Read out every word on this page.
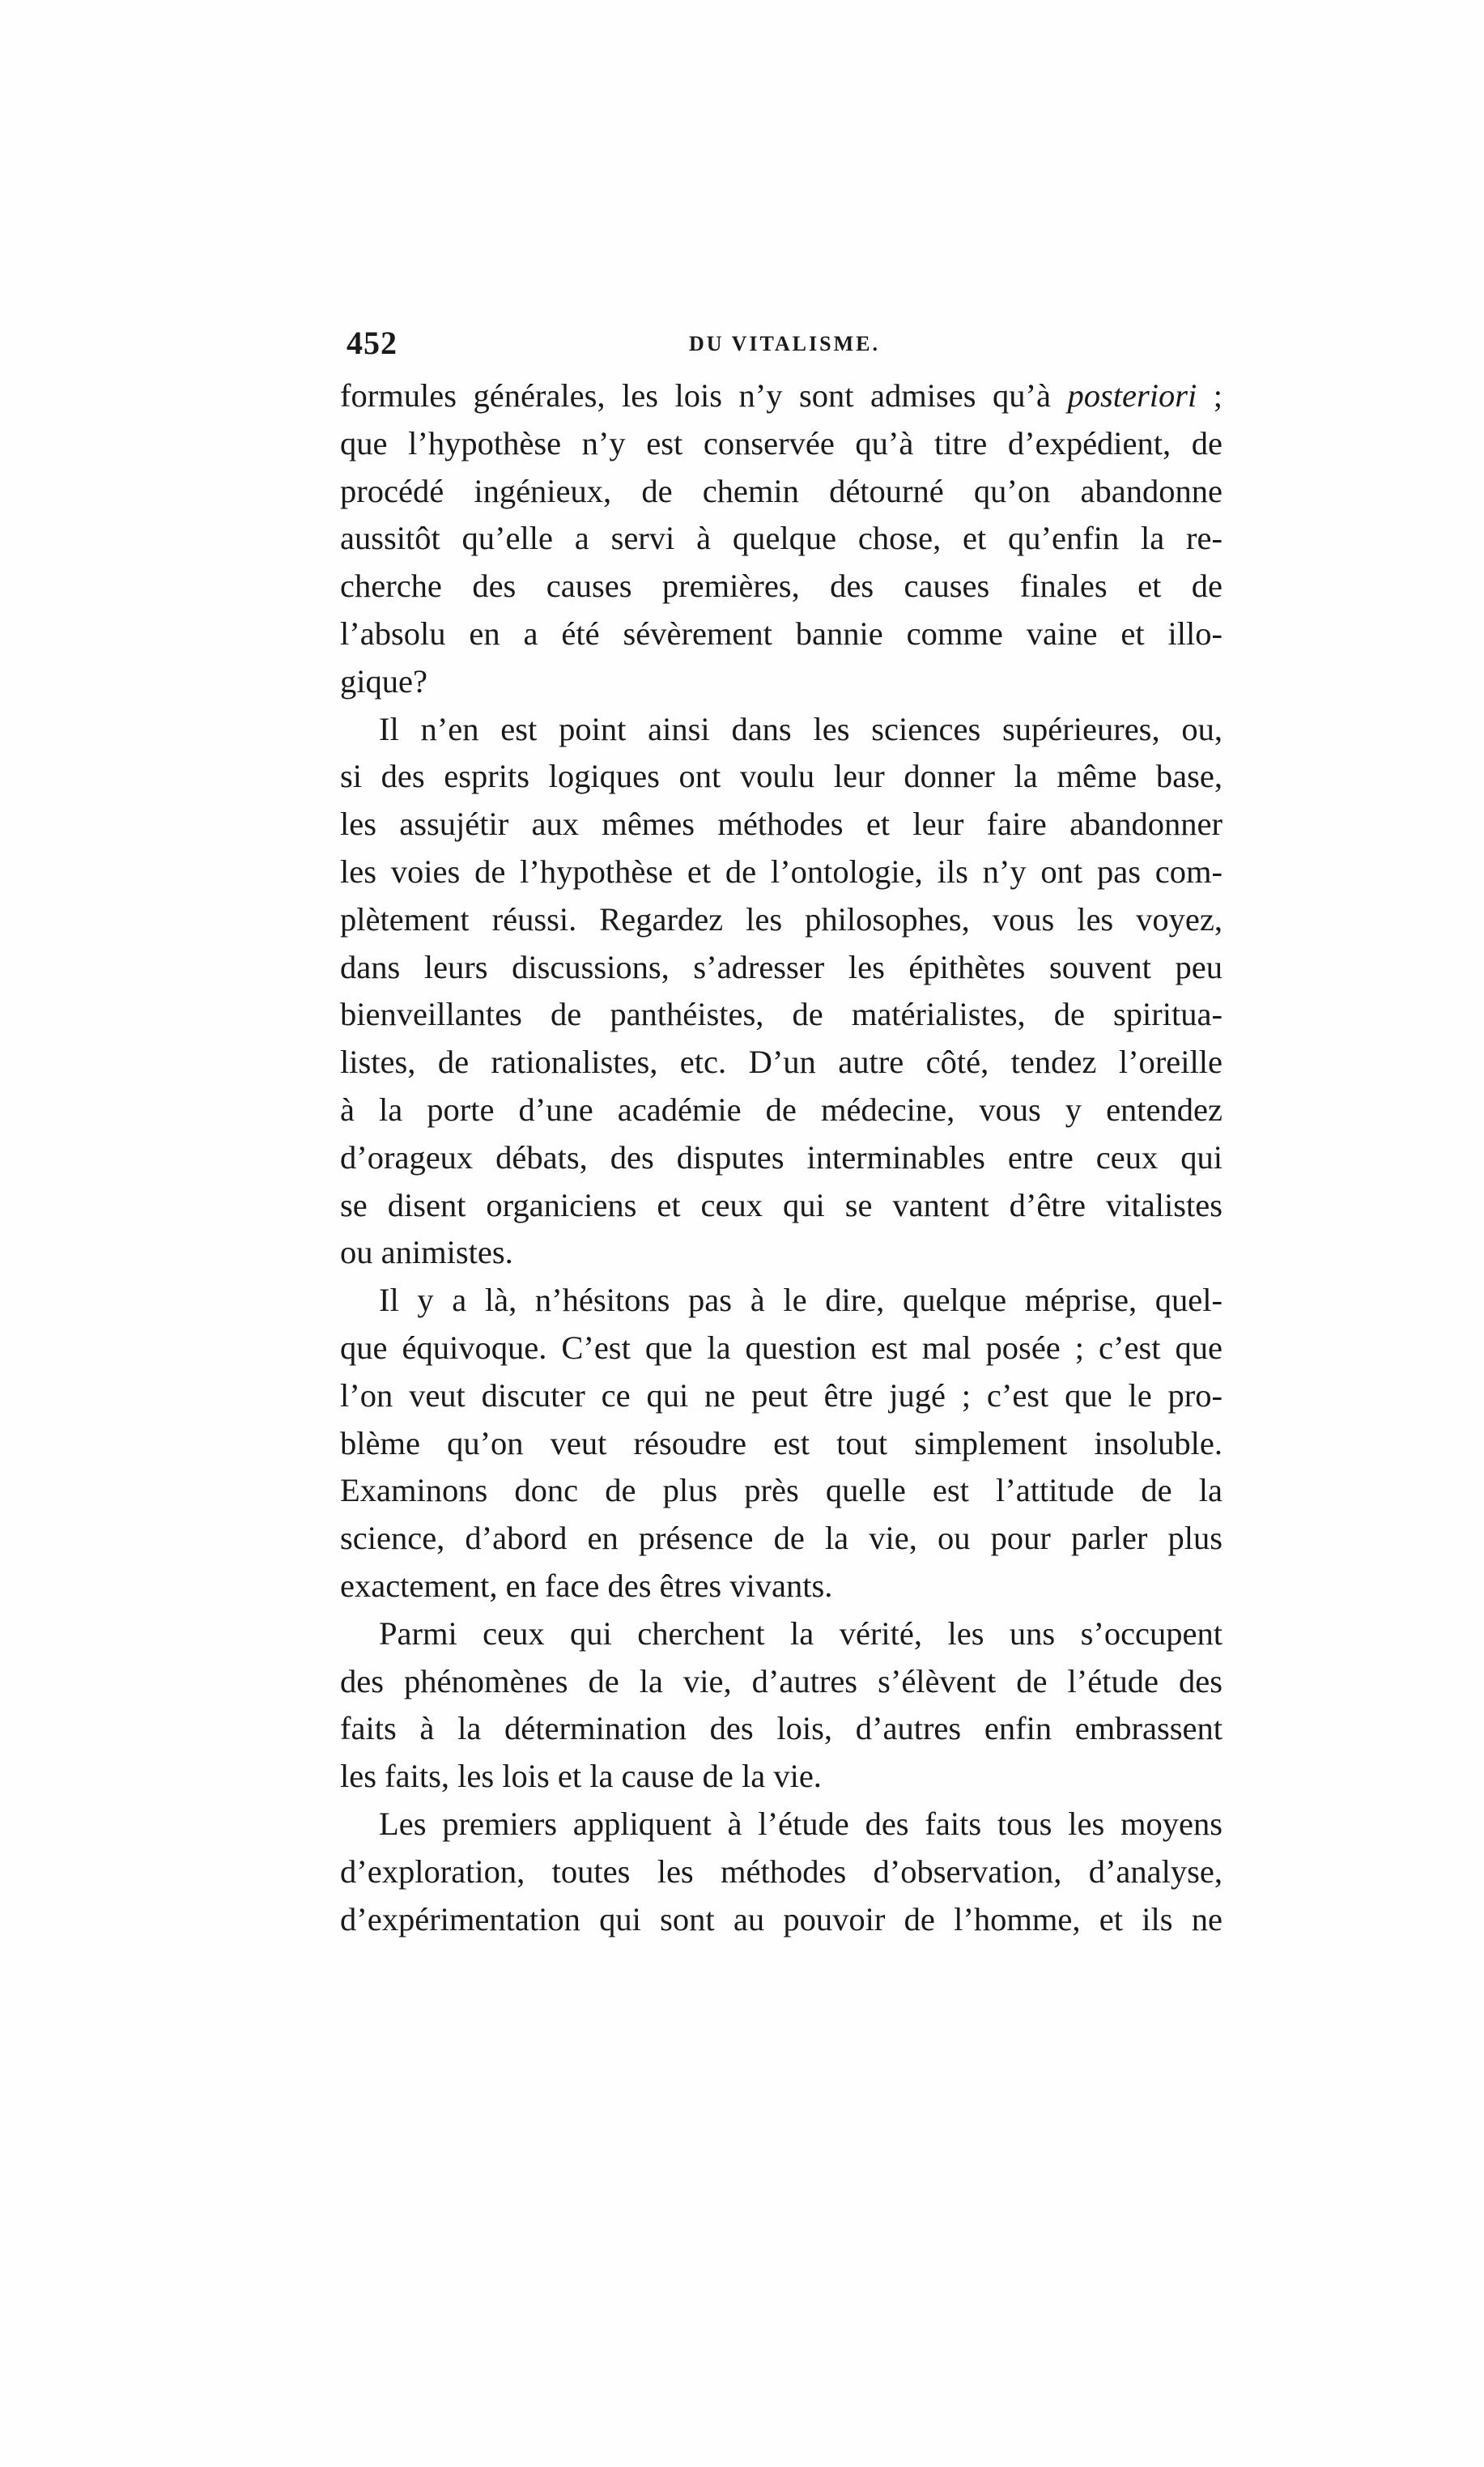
452	DU VITALISME.
formules générales, les lois n’y sont admises qu’à posteriori ;
que l’hypothèse n’y est conservée qu’à titre d’expédient, de
procédé ingénieux, de chemin détourné qu’on abandonne
aussitôt qu’elle a servi à quelque chose, et qu’enfin la re-
cherche des causes premières, des causes finales et de
l’absolu en a été sévèrement bannie comme vaine et illo-
gique?
Il n’en est point ainsi dans les sciences supérieures, ou,
si des esprits logiques ont voulu leur donner la même base,
les assujétir aux mêmes méthodes et leur faire abandonner
les voies de l’hypothèse et de l’ontologie, ils n’y ont pas com-
plètement réussi. Regardez les philosophes, vous les voyez,
dans leurs discussions, s’adresser les épithètes souvent peu
bienveillantes de panthéistes, de matérialistes, de spiritua-
listes, de rationalistes, etc. D’un autre côté, tendez l’oreille
à la porte d’une académie de médecine, vous y entendez
d’orageux débats, des disputes interminables entre ceux qui
se disent organiciens et ceux qui se vantent d’être vitalistes
ou animistes.
Il y a là, n’hésitons pas à le dire, quelque méprise, quel-
que équivoque. C’est que la question est mal posée ; c’est que
l’on veut discuter ce qui ne peut être jugé ; c’est que le pro-
blème qu’on veut résoudre est tout simplement insoluble.
Examinons donc de plus près quelle est l’attitude de la
science, d’abord en présence de la vie, ou pour parler plus
exactement, en face des êtres vivants.
Parmi ceux qui cherchent la vérité, les uns s’occupent
des phénomènes de la vie, d’autres s’élèvent de l’étude des
faits à la détermination des lois, d’autres enfin embrassent
les faits, les lois et la cause de la vie.
Les premiers appliquent à l’étude des faits tous les moyens
d’exploration, toutes les méthodes d’observation, d’analyse,
d’expérimentation qui sont au pouvoir de l’homme, et ils ne
